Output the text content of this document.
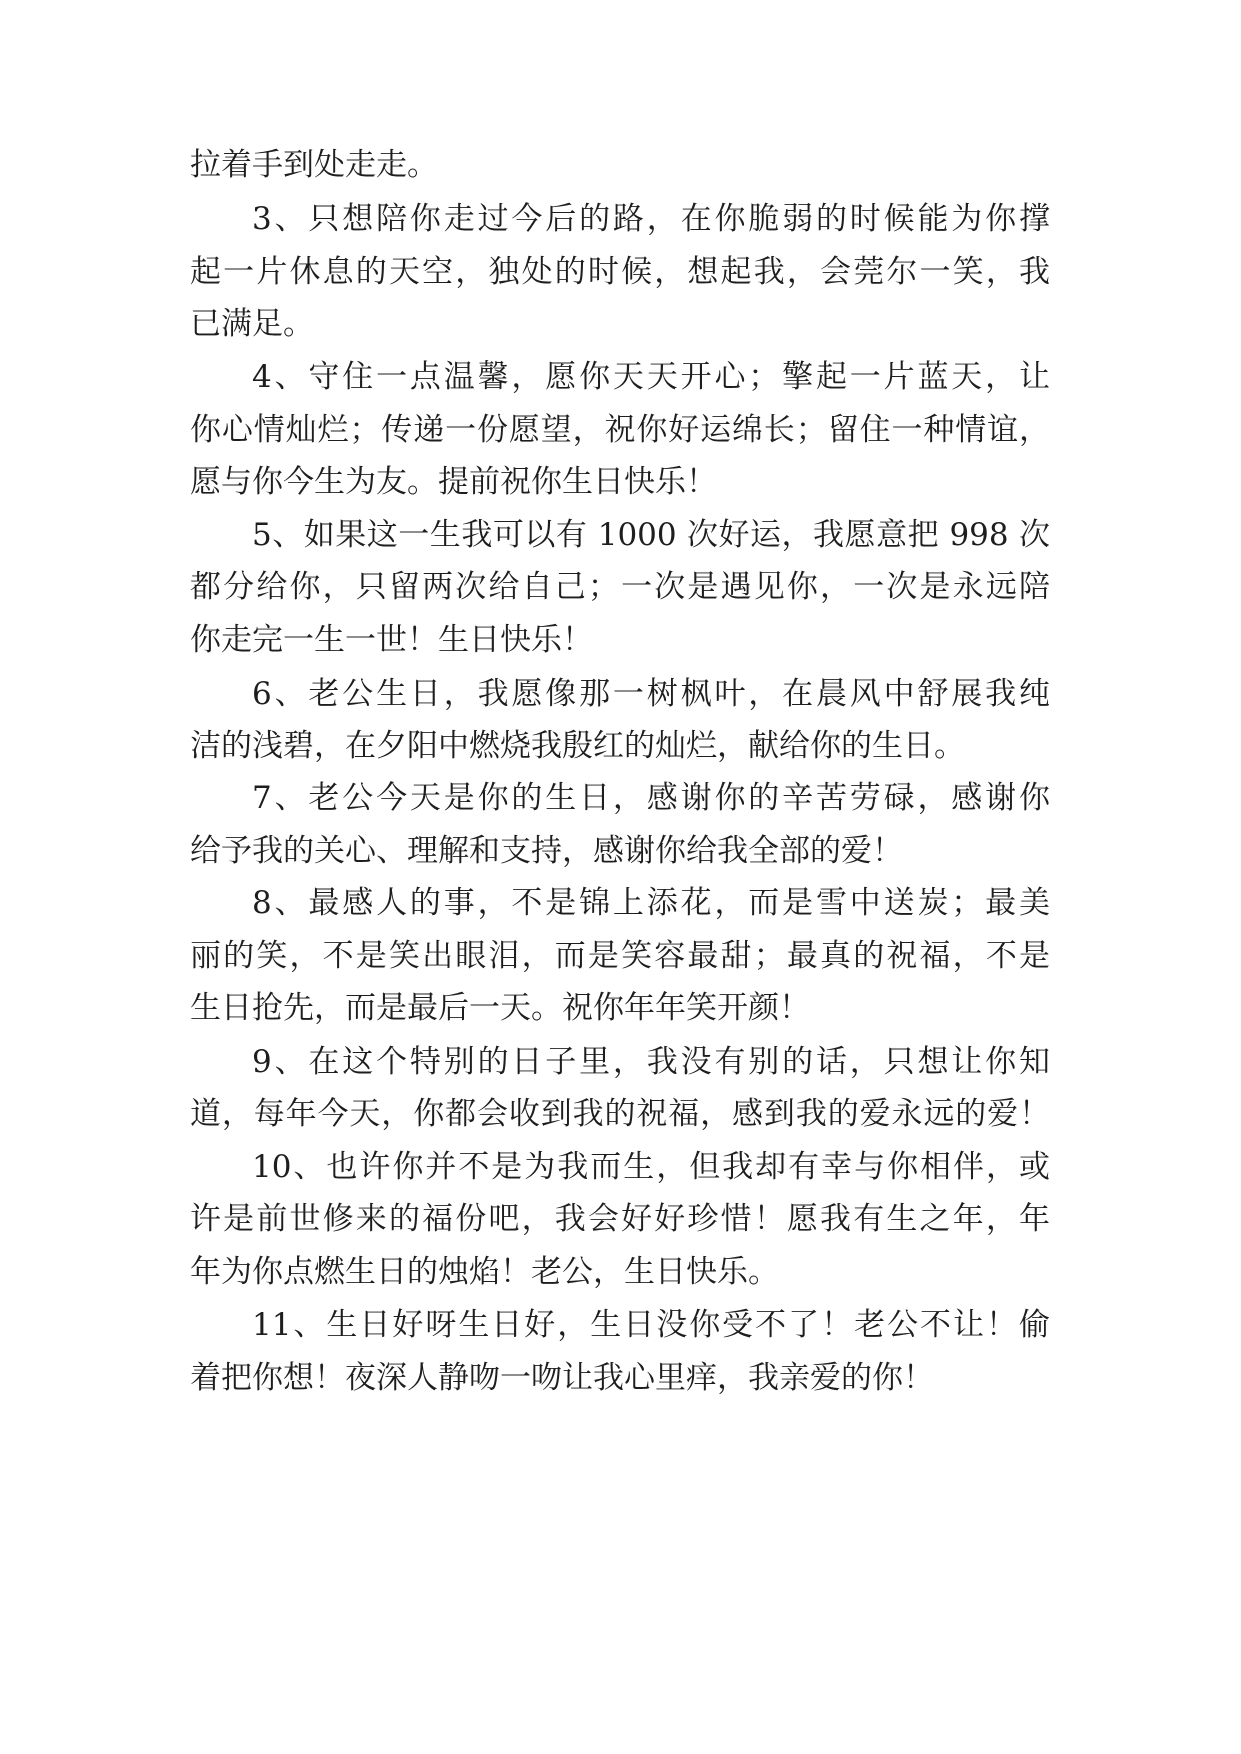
拉着手到处走走。
3、只想陪你走过今后的路，在你脆弱的时候能为你撑
起一片休息的天空，独处的时候，想起我，会莞尔一笑，我
已满足。
4、守住一点温馨，愿你天天开心；擎起一片蓝天，让
你心情灿烂；传递一份愿望，祝你好运绵长；留住一种情谊，
愿与你今生为友。提前祝你生日快乐！
5、如果这一生我可以有 1000 次好运，我愿意把 998 次
都分给你，只留两次给自己；一次是遇见你，一次是永远陪
你走完一生一世！生日快乐！
6、老公生日，我愿像那一树枫叶，在晨风中舒展我纯
洁的浅碧，在夕阳中燃烧我殷红的灿烂，献给你的生日。
7、老公今天是你的生日，感谢你的辛苦劳碌，感谢你
给予我的关心、理解和支持，感谢你给我全部的爱！
8、最感人的事，不是锦上添花，而是雪中送炭；最美
丽的笑，不是笑出眼泪，而是笑容最甜；最真的祝福，不是
生日抢先，而是最后一天。祝你年年笑开颜！
9、在这个特别的日子里，我没有别的话，只想让你知
道，每年今天，你都会收到我的祝福，感到我的爱永远的爱！
10、也许你并不是为我而生，但我却有幸与你相伴，或
许是前世修来的福份吧，我会好好珍惜！愿我有生之年，年
年为你点燃生日的烛焰！老公，生日快乐。
11、生日好呀生日好，生日没你受不了！老公不让！偷
着把你想！夜深人静吻一吻让我心里痒，我亲爱的你！
